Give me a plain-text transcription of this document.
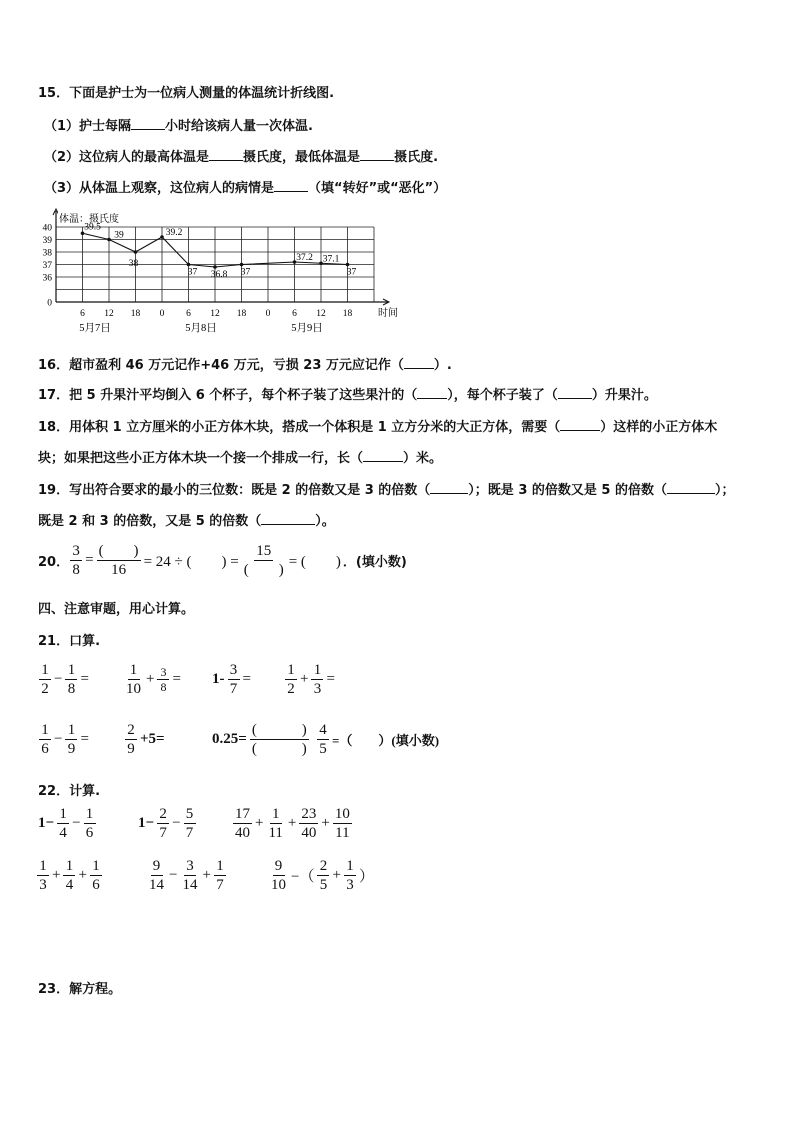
15．下面是护士为一位病人测量的体温统计折线图.
（1）护士每隔	小时给该病人量一次体温.
（2）这位病人的最高体温是	摄氏度，最低体温是	摄氏度.
（3）从体温上观察，这位病人的病情是	（填“转好”或“恶化”）
体温：摄氏度
40
39
38
37
36
0
6 12 18 0 6 12 18 0 6 12 18
5月7日	5月8日	5月9日
时间
39.5
39
38
39.2
37 36.8 37
37.2 37.1
37
16．超市盈利 46 万元记作+46 万元，亏损 23 万元应记作（ ）.
17．把 5 升果汁平均倒入 6 个杯子，每个杯子装了这些果汁的（ ），每个杯子装了（	）升果汁。
18．用体积 1 立方厘米的小正方体木块，搭成一个体积是 1 立方分米的大正方体，需要（	）这样的小正方体木
块；如果把这些小正方体木块一个接一个排成一行，长（	）米。
19．写出符合要求的最小的三位数：既是 2 的倍数又是 3 的倍数（	）；既是 3 的倍数又是 5 的倍数（	）；
既是 2 和 3 的倍数，又是 5 的倍数（	）。
20． $\frac{3}{8} = \frac{( )}{16} = 24$ ÷ (　　) = $\frac{15}{( )}$ = (　　) ．(填小数)
四、注意审题，用心计算。
21．口算.
$\frac{1}{2} - \frac{1}{8} = \frac{1}{10} + \frac{3}{8} = 1- \frac{3}{7} = \frac{1}{2} + \frac{1}{3}$ =
$\frac{1}{6} - \frac{1}{9} = \frac{2}{9} +5=$	$0.25= \frac{( )}{( )} \frac{4}{5}$ =（　　）(填小数)
22．计算.
$1- \frac{1}{4} - \frac{1}{6}$	$1- \frac{2}{7} - \frac{5}{7} \frac{17}{40} + \frac{1}{11} + \frac{23}{40} + \frac{10}{11}$
$\frac{1}{3} + \frac{1}{4} + \frac{1}{6}$	$\frac{9}{14} - \frac{3}{14} + \frac{1}{7}$	$\frac{9}{10}$ −（ $\frac{2}{5} + \frac{1}{3}$ ）
23．解方程。
